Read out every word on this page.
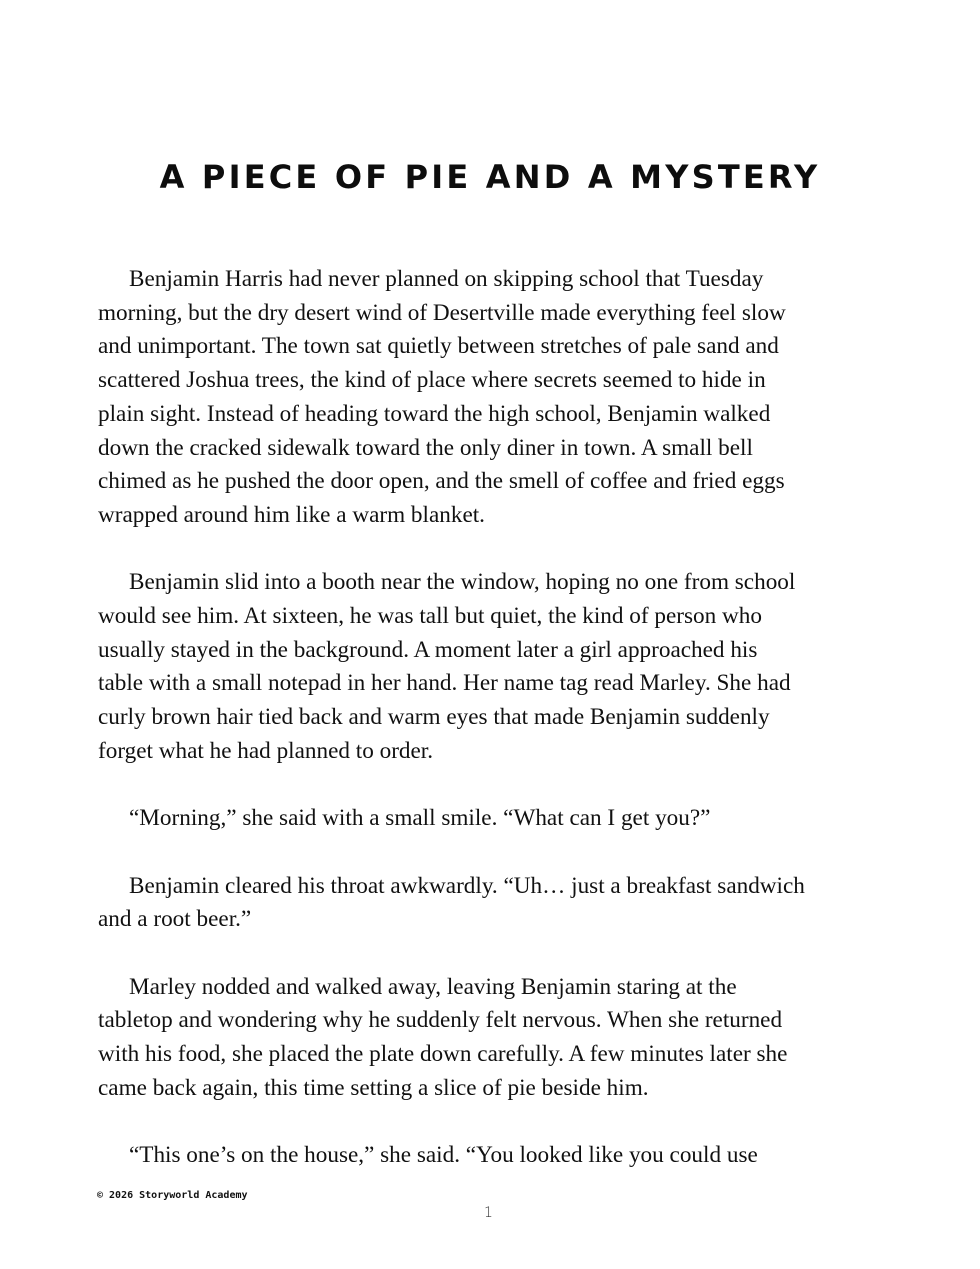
A PIECE OF PIE AND A MYSTERY

Benjamin Harris had never planned on skipping school that Tuesday
morning, but the dry desert wind of Desertville made everything feel slow
and unimportant. The town sat quietly between stretches of pale sand and
scattered Joshua trees, the kind of place where secrets seemed to hide in
plain sight. Instead of heading toward the high school, Benjamin walked
down the cracked sidewalk toward the only diner in town. A small bell
chimed as he pushed the door open, and the smell of coffee and fried eggs
wrapped around him like a warm blanket.

Benjamin slid into a booth near the window, hoping no one from school
would see him. At sixteen, he was tall but quiet, the kind of person who
usually stayed in the background. A moment later a girl approached his
table with a small notepad in her hand. Her name tag read Marley. She had
curly brown hair tied back and warm eyes that made Benjamin suddenly
forget what he had planned to order.

“Morning,” she said with a small smile. “What can I get you?”

Benjamin cleared his throat awkwardly. “Uh… just a breakfast sandwich
and a root beer.”

Marley nodded and walked away, leaving Benjamin staring at the
tabletop and wondering why he suddenly felt nervous. When she returned
with his food, she placed the plate down carefully. A few minutes later she
came back again, this time setting a slice of pie beside him.

“This one’s on the house,” she said. “You looked like you could use

© 2026 Storyworld Academy
1
